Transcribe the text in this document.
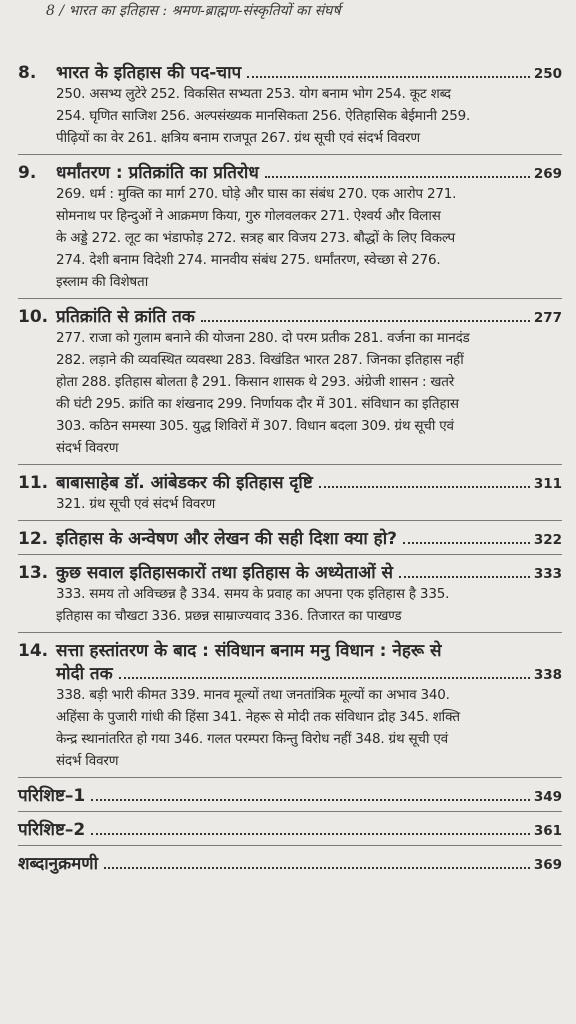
8 / भारत का इतिहास : श्रमण-ब्राह्मण-संस्कृतियों का संघर्ष
8.	भारत के इतिहास की पद-चाप	250
250. असभ्य लुटेरे 252. विकसित सभ्यता 253. योग बनाम भोग 254. कूट शब्द
254. घृणित साजिश 256. अल्पसंख्यक मानसिकता 256. ऐतिहासिक बेईमानी 259.
पीढ़ियों का वेर 261. क्षत्रिय बनाम राजपूत 267. ग्रंथ सूची एवं संदर्भ विवरण
9.	धर्मांतरण : प्रतिक्रांति का प्रतिरोध	269
269. धर्म : मुक्ति का मार्ग 270. घोड़े और घास का संबंध 270. एक आरोप 271.
सोमनाथ पर हिन्दुओं ने आक्रमण किया, गुरु गोलवलकर 271. ऐश्वर्य और विलास
के अड्डे 272. लूट का भंडाफोड़ 272. सत्रह बार विजय 273. बौद्धों के लिए विकल्प
274. देशी बनाम विदेशी 274. मानवीय संबंध 275. धर्मांतरण, स्वेच्छा से 276.
इस्लाम की विशेषता
10. प्रतिक्रांति से क्रांति तक	277
277. राजा को गुलाम बनाने की योजना 280. दो परम प्रतीक 281. वर्जना का मानदंड
282. लड़ाने की व्यवस्थित व्यवस्था 283. विखंडित भारत 287. जिनका इतिहास नहीं
होता 288. इतिहास बोलता है 291. किसान शासक थे 293. अंग्रेजी शासन : खतरे
की घंटी 295. क्रांति का शंखनाद 299. निर्णायक दौर में 301. संविधान का इतिहास
303. कठिन समस्या 305. युद्ध शिविरों में 307. विधान बदला 309. ग्रंथ सूची एवं
संदर्भ विवरण
11. बाबासाहेब डॉ. आंबेडकर की इतिहास दृष्टि	311
321. ग्रंथ सूची एवं संदर्भ विवरण
12. इतिहास के अन्वेषण और लेखन की सही दिशा क्या हो?	322
13. कुछ सवाल इतिहासकारों तथा इतिहास के अध्येताओं से	333
333. समय तो अविच्छन्न है 334. समय के प्रवाह का अपना एक इतिहास है 335.
इतिहास का चौखटा 336. प्रछन्न साम्राज्यवाद 336. तिजारत का पाखण्ड
14. सत्ता हस्तांतरण के बाद : संविधान बनाम मनु विधान : नेहरू से
मोदी तक	338
338. बड़ी भारी कीमत 339. मानव मूल्यों तथा जनतांत्रिक मूल्यों का अभाव 340.
अहिंसा के पुजारी गांधी की हिंसा 341. नेहरू से मोदी तक संविधान द्रोह 345. शक्ति
केन्द्र स्थानांतरित हो गया 346. गलत परम्परा किन्तु विरोध नहीं 348. ग्रंथ सूची एवं
संदर्भ विवरण
परिशिष्ट–1	349
परिशिष्ट–2	361
शब्दानुक्रमणी	369
